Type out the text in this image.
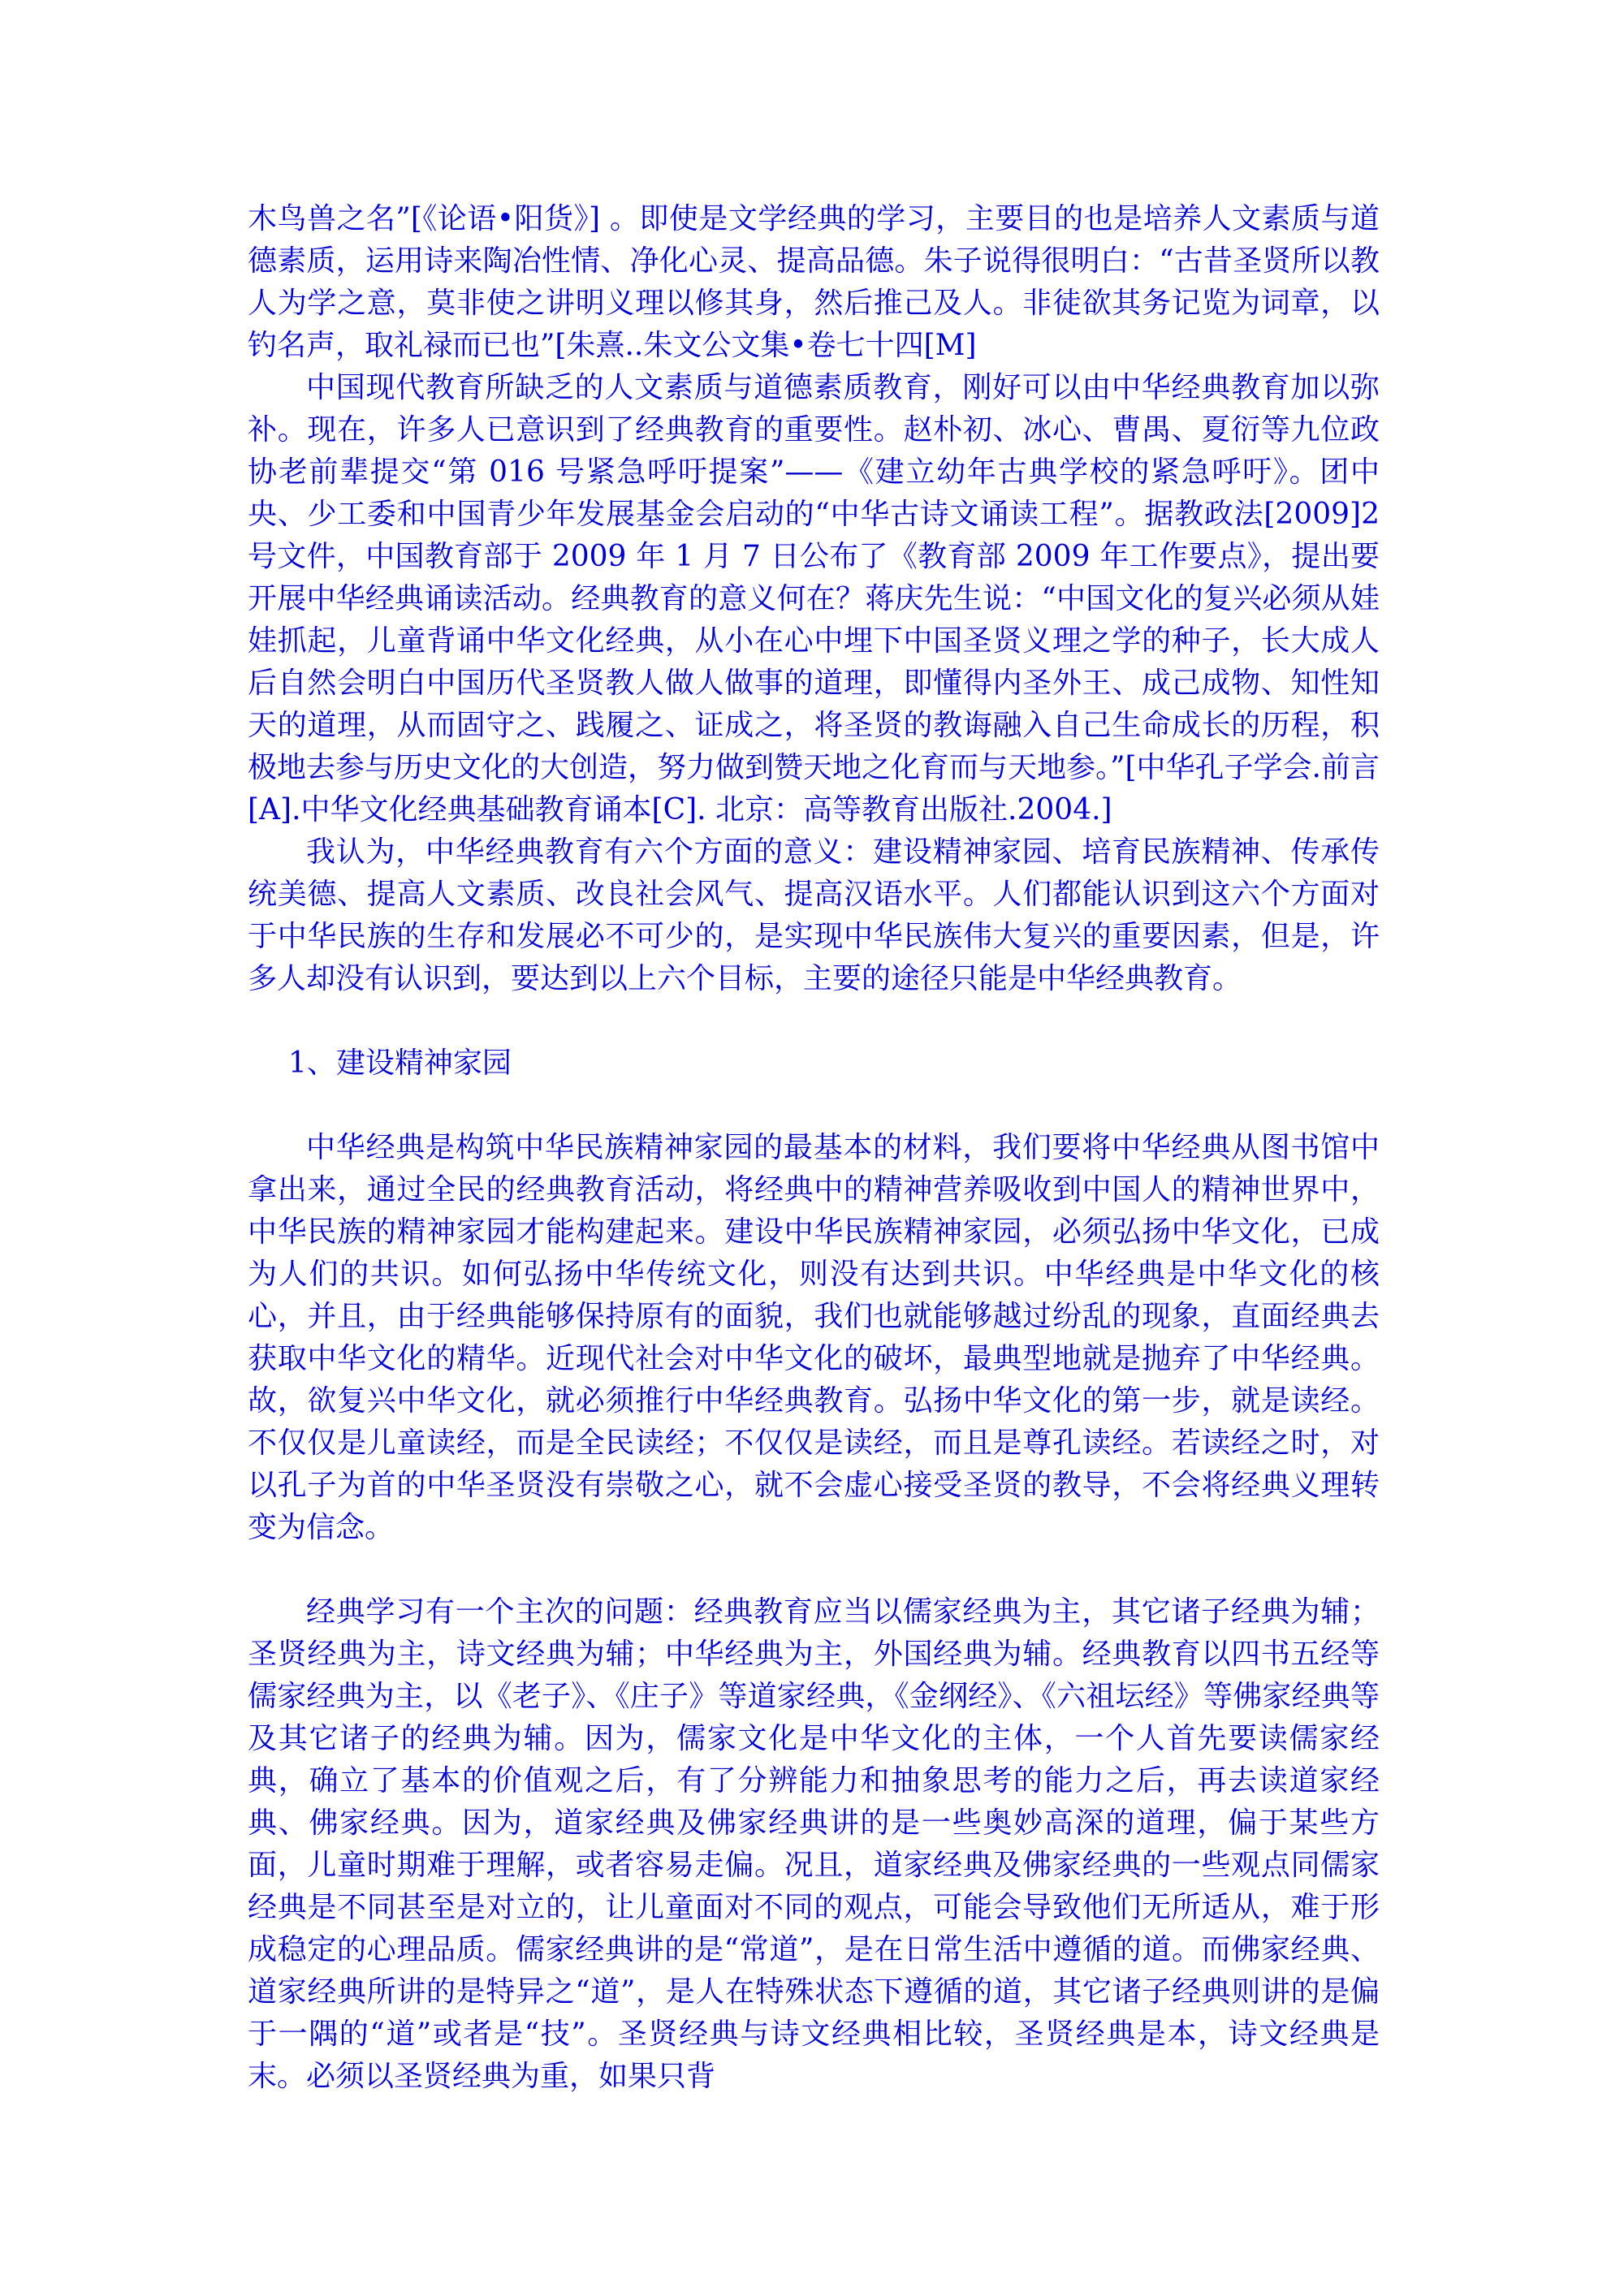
木鸟兽之名”[《论语•阳货》] 。即使是文学经典的学习，主要目的也是培养人文素质与道德素质，运用诗来陶冶性情、净化心灵、提高品德。朱子说得很明白：“古昔圣贤所以教人为学之意，莫非使之讲明义理以修其身，然后推己及人。非徒欲其务记览为词章，以钓名声，取礼禄而已也”[朱熹..朱文公文集•卷七十四[M]

中国现代教育所缺乏的人文素质与道德素质教育，刚好可以由中华经典教育加以弥补。现在，许多人已意识到了经典教育的重要性。赵朴初、冰心、曹禺、夏衍等九位政协老前辈提交“第 016 号紧急呼吁提案”——《建立幼年古典学校的紧急呼吁》。团中央、少工委和中国青少年发展基金会启动的“中华古诗文诵读工程”。据教政法[2009]2 号文件，中国教育部于 2009 年 1 月 7 日公布了《教育部 2009 年工作要点》，提出要开展中华经典诵读活动。经典教育的意义何在？蒋庆先生说：“中国文化的复兴必须从娃娃抓起，儿童背诵中华文化经典，从小在心中埋下中国圣贤义理之学的种子，长大成人后自然会明白中国历代圣贤教人做人做事的道理，即懂得内圣外王、成己成物、知性知天的道理，从而固守之、践履之、证成之，将圣贤的教诲融入自己生命成长的历程，积极地去参与历史文化的大创造，努力做到赞天地之化育而与天地参。”[中华孔子学会.前言[A].中华文化经典基础教育诵本[C]. 北京：高等教育出版社.2004.]

我认为，中华经典教育有六个方面的意义：建设精神家园、培育民族精神、传承传统美德、提高人文素质、改良社会风气、提高汉语水平。人们都能认识到这六个方面对于中华民族的生存和发展必不可少的，是实现中华民族伟大复兴的重要因素，但是，许多人却没有认识到，要达到以上六个目标，主要的途径只能是中华经典教育。

1、建设精神家园

中华经典是构筑中华民族精神家园的最基本的材料，我们要将中华经典从图书馆中拿出来，通过全民的经典教育活动，将经典中的精神营养吸收到中国人的精神世界中，中华民族的精神家园才能构建起来。建设中华民族精神家园，必须弘扬中华文化，已成为人们的共识。如何弘扬中华传统文化，则没有达到共识。中华经典是中华文化的核心，并且，由于经典能够保持原有的面貌，我们也就能够越过纷乱的现象，直面经典去获取中华文化的精华。近现代社会对中华文化的破坏，最典型地就是抛弃了中华经典。故，欲复兴中华文化，就必须推行中华经典教育。弘扬中华文化的第一步，就是读经。不仅仅是儿童读经，而是全民读经；不仅仅是读经，而且是尊孔读经。若读经之时，对以孔子为首的中华圣贤没有崇敬之心，就不会虚心接受圣贤的教导，不会将经典义理转变为信念。

经典学习有一个主次的问题：经典教育应当以儒家经典为主，其它诸子经典为辅；圣贤经典为主，诗文经典为辅；中华经典为主，外国经典为辅。经典教育以四书五经等儒家经典为主，以《老子》、《庄子》等道家经典，《金纲经》、《六祖坛经》等佛家经典等及其它诸子的经典为辅。因为，儒家文化是中华文化的主体，一个人首先要读儒家经典，确立了基本的价值观之后，有了分辨能力和抽象思考的能力之后，再去读道家经典、佛家经典。因为，道家经典及佛家经典讲的是一些奥妙高深的道理，偏于某些方面，儿童时期难于理解，或者容易走偏。况且，道家经典及佛家经典的一些观点同儒家经典是不同甚至是对立的，让儿童面对不同的观点，可能会导致他们无所适从，难于形成稳定的心理品质。儒家经典讲的是“常道”，是在日常生活中遵循的道。而佛家经典、道家经典所讲的是特异之“道”，是人在特殊状态下遵循的道，其它诸子经典则讲的是偏于一隅的“道”或者是“技”。圣贤经典与诗文经典相比较，圣贤经典是本，诗文经典是末。必须以圣贤经典为重，如果只背
